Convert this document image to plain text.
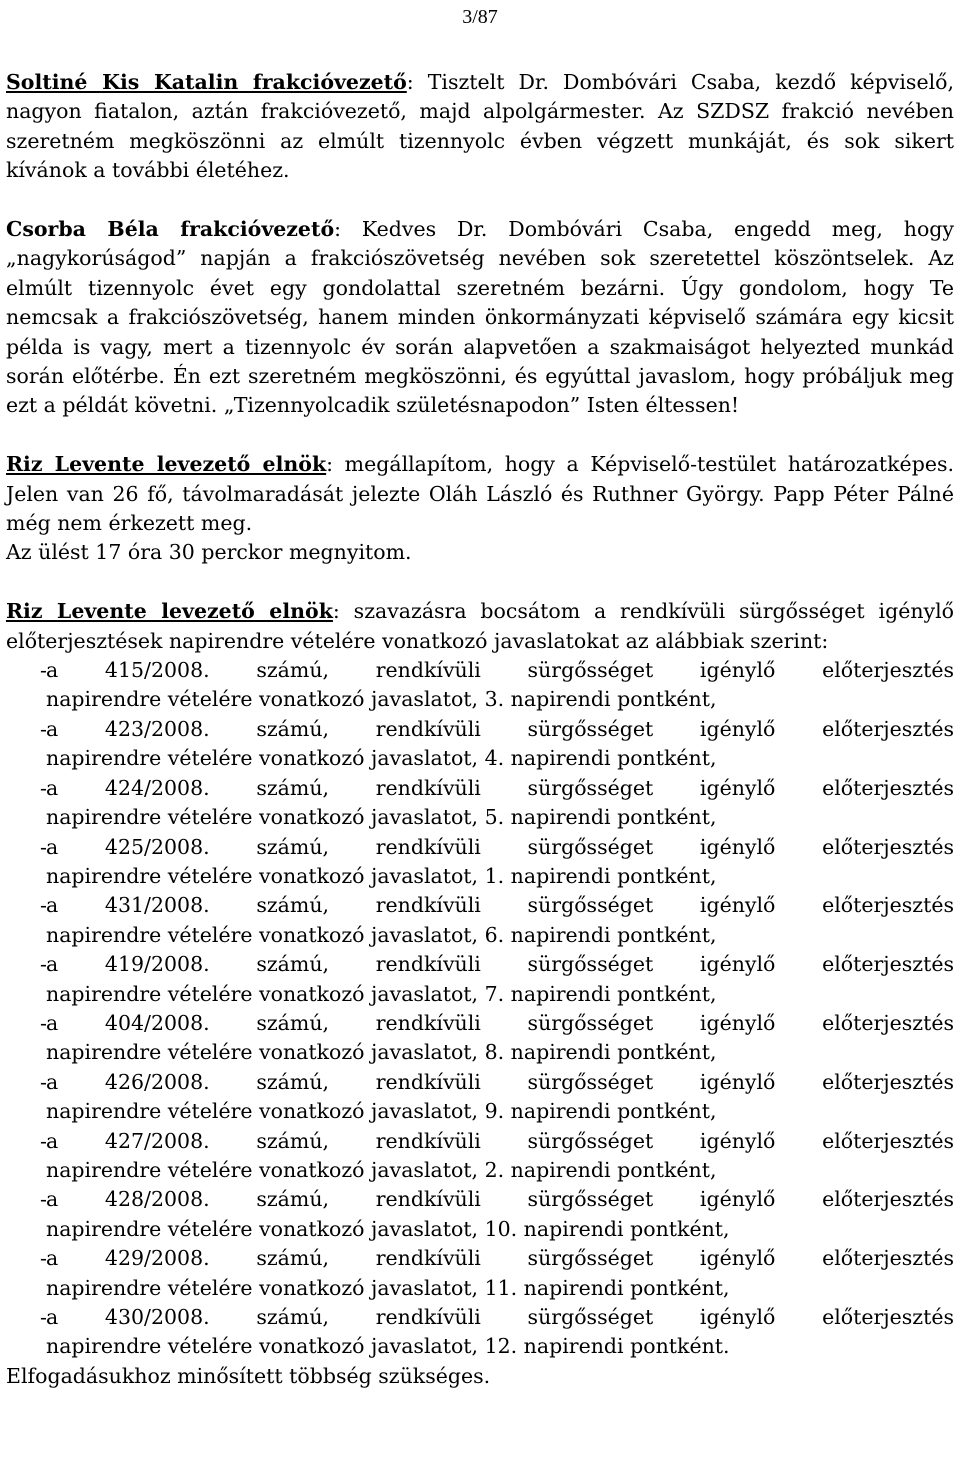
3/87

Soltiné Kis Katalin frakcióvezető: Tisztelt Dr. Dombóvári Csaba, kezdő képviselő, nagyon fiatalon, aztán frakcióvezető, majd alpolgármester. Az SZDSZ frakció nevében szeretném megköszönni az elmúlt tizennyolc évben végzett munkáját, és sok sikert kívánok a további életéhez.

Csorba Béla frakcióvezető: Kedves Dr. Dombóvári Csaba, engedd meg, hogy „nagykorúságod” napján a frakciószövetség nevében sok szeretettel köszöntselek. Az elmúlt tizennyolc évet egy gondolattal szeretném bezárni. Úgy gondolom, hogy Te nemcsak a frakciószövetség, hanem minden önkormányzati képviselő számára egy kicsit példa is vagy, mert a tizennyolc év során alapvetően a szakmaiságot helyezted munkád során előtérbe. Én ezt szeretném megköszönni, és egyúttal javaslom, hogy próbáljuk meg ezt a példát követni. „Tizennyolcadik születésnapodon” Isten éltessen!

Riz Levente levezető elnök: megállapítom, hogy a Képviselő-testület határozatképes. Jelen van 26 fő, távolmaradását jelezte Oláh László és Ruthner György. Papp Péter Pálné még nem érkezett meg.

Az ülést 17 óra 30 perckor megnyitom.

Riz Levente levezető elnök: szavazásra bocsátom a rendkívüli sürgősséget igénylő előterjesztések napirendre vételére vonatkozó javaslatokat az alábbiak szerint:

- a 415/2008. számú, rendkívüli sürgősséget igénylő előterjesztés
napirendre vételére vonatkozó javaslatot, 3. napirendi pontként,
- a 423/2008. számú, rendkívüli sürgősséget igénylő előterjesztés
napirendre vételére vonatkozó javaslatot, 4. napirendi pontként,
- a 424/2008. számú, rendkívüli sürgősséget igénylő előterjesztés
napirendre vételére vonatkozó javaslatot, 5. napirendi pontként,
- a 425/2008. számú, rendkívüli sürgősséget igénylő előterjesztés
napirendre vételére vonatkozó javaslatot, 1. napirendi pontként,
- a 431/2008. számú, rendkívüli sürgősséget igénylő előterjesztés
napirendre vételére vonatkozó javaslatot, 6. napirendi pontként,
- a 419/2008. számú, rendkívüli sürgősséget igénylő előterjesztés
napirendre vételére vonatkozó javaslatot, 7. napirendi pontként,
- a 404/2008. számú, rendkívüli sürgősséget igénylő előterjesztés
napirendre vételére vonatkozó javaslatot, 8. napirendi pontként,
- a 426/2008. számú, rendkívüli sürgősséget igénylő előterjesztés
napirendre vételére vonatkozó javaslatot, 9. napirendi pontként,
- a 427/2008. számú, rendkívüli sürgősséget igénylő előterjesztés
napirendre vételére vonatkozó javaslatot, 2. napirendi pontként,
- a 428/2008. számú, rendkívüli sürgősséget igénylő előterjesztés
napirendre vételére vonatkozó javaslatot, 10. napirendi pontként,
- a 429/2008. számú, rendkívüli sürgősséget igénylő előterjesztés
napirendre vételére vonatkozó javaslatot, 11. napirendi pontként,
- a 430/2008. számú, rendkívüli sürgősséget igénylő előterjesztés
napirendre vételére vonatkozó javaslatot, 12. napirendi pontként.

Elfogadásukhoz minősített többség szükséges.
